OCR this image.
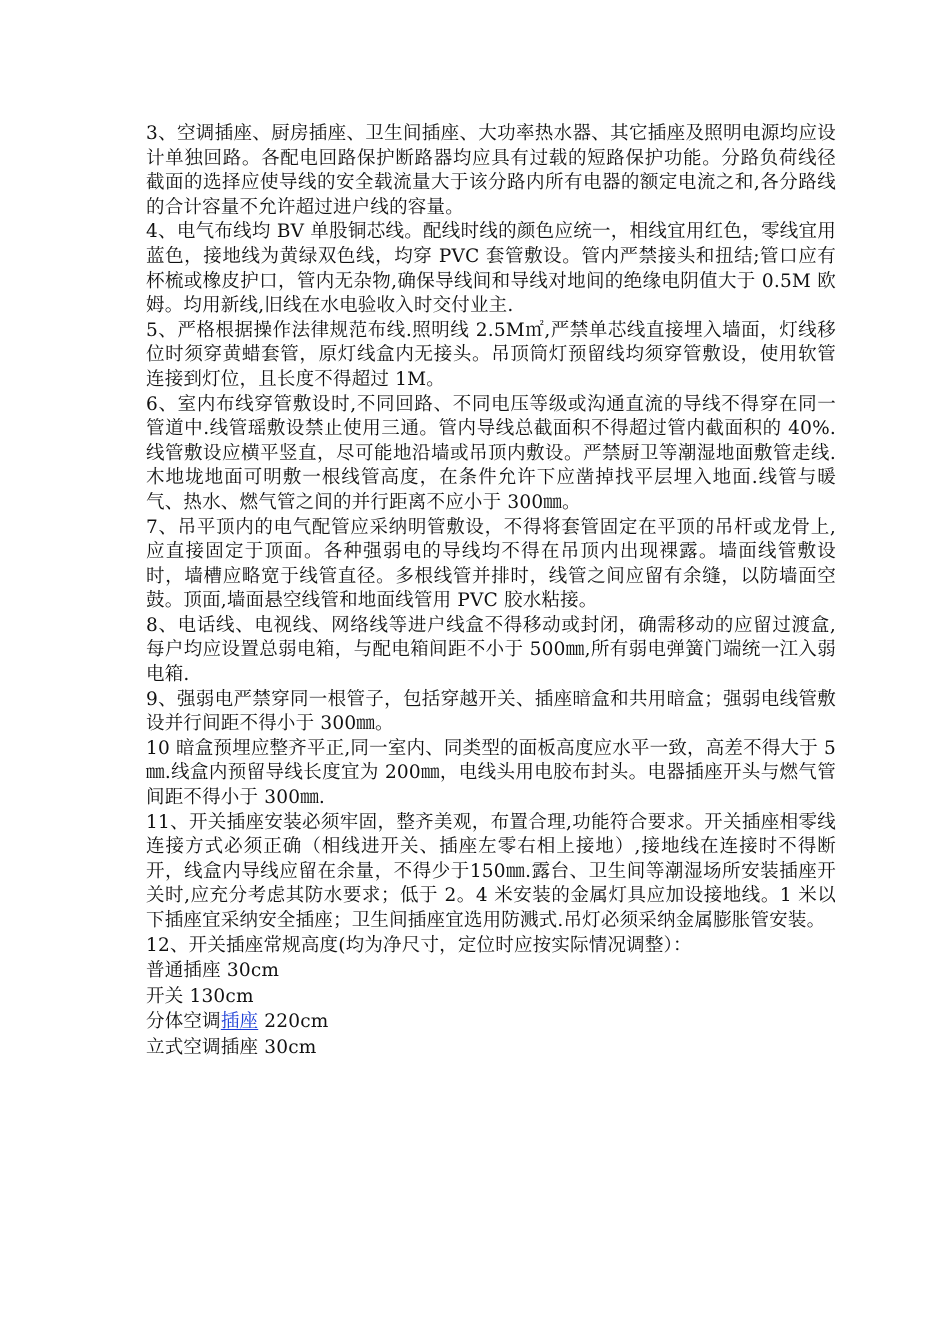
3、空调插座、厨房插座、卫生间插座、大功率热水器、其它插座及照明电源均应设计单独回路。各配电回路保护断路器均应具有过载的短路保护功能。分路负荷线径截面的选择应使导线的安全载流量大于该分路内所有电器的额定电流之和,各分路线的合计容量不允许超过进户线的容量。

4、电气布线均 BV 单股铜芯线。配线时线的颜色应统一，相线宜用红色，零线宜用蓝色，接地线为黄绿双色线，均穿 PVC 套管敷设。管内严禁接头和扭结;管口应有杯梳或橡皮护口，管内无杂物,确保导线间和导线对地间的绝缘电阴值大于 0.5M 欧姆。均用新线,旧线在水电验收入时交付业主.

5、严格根据操作法律规范布线.照明线 2.5M㎡,严禁单芯线直接埋入墙面，灯线移位时须穿黄蜡套管，原灯线盒内无接头。吊顶筒灯预留线均须穿管敷设，使用软管连接到灯位，且长度不得超过 1M。

6、室内布线穿管敷设时,不同回路、不同电压等级或沟通直流的导线不得穿在同一管道中.线管瑶敷设禁止使用三通。管内导线总截面积不得超过管内截面积的 40%.线管敷设应横平竖直，尽可能地沿墙或吊顶内敷设。严禁厨卫等潮湿地面敷管走线.木地垅地面可明敷一根线管高度，在条件允许下应凿掉找平层埋入地面.线管与暖气、热水、燃气管之间的并行距离不应小于 300㎜。

7、吊平顶内的电气配管应采纳明管敷设，不得将套管固定在平顶的吊杆或龙骨上,应直接固定于顶面。各种强弱电的导线均不得在吊顶内出现裸露。墙面线管敷设时，墙槽应略宽于线管直径。多根线管并排时，线管之间应留有余缝，以防墙面空鼓。顶面,墙面悬空线管和地面线管用 PVC 胶水粘接。

8、电话线、电视线、网络线等进户线盒不得移动或封闭，确需移动的应留过渡盒,每户均应设置总弱电箱，与配电箱间距不小于 500㎜,所有弱电弹簧门端统一江入弱电箱.

9、强弱电严禁穿同一根管子，包括穿越开关、插座暗盒和共用暗盒；强弱电线管敷设并行间距不得小于 300㎜。

10 暗盒预埋应整齐平正,同一室内、同类型的面板高度应水平一致，高差不得大于 5㎜.线盒内预留导线长度宜为 200㎜，电线头用电胶布封头。电器插座开头与燃气管间距不得小于 300㎜.

11、开关插座安装必须牢固，整齐美观，布置合理,功能符合要求。开关插座相零线连接方式必须正确（相线进开关、插座左零右相上接地）,接地线在连接时不得断开，线盒内导线应留在余量，不得少于150㎜.露台、卫生间等潮湿场所安装插座开关时,应充分考虑其防水要求；低于 2。4 米安装的金属灯具应加设接地线。1 米以下插座宜采纳安全插座；卫生间插座宜选用防溅式.吊灯必须采纳金属膨胀管安装。

12、开关插座常规高度(均为净尺寸，定位时应按实际情况调整）：

普通插座 30cm

开关 130cm

分体空调插座 220cm

立式空调插座 30cm
